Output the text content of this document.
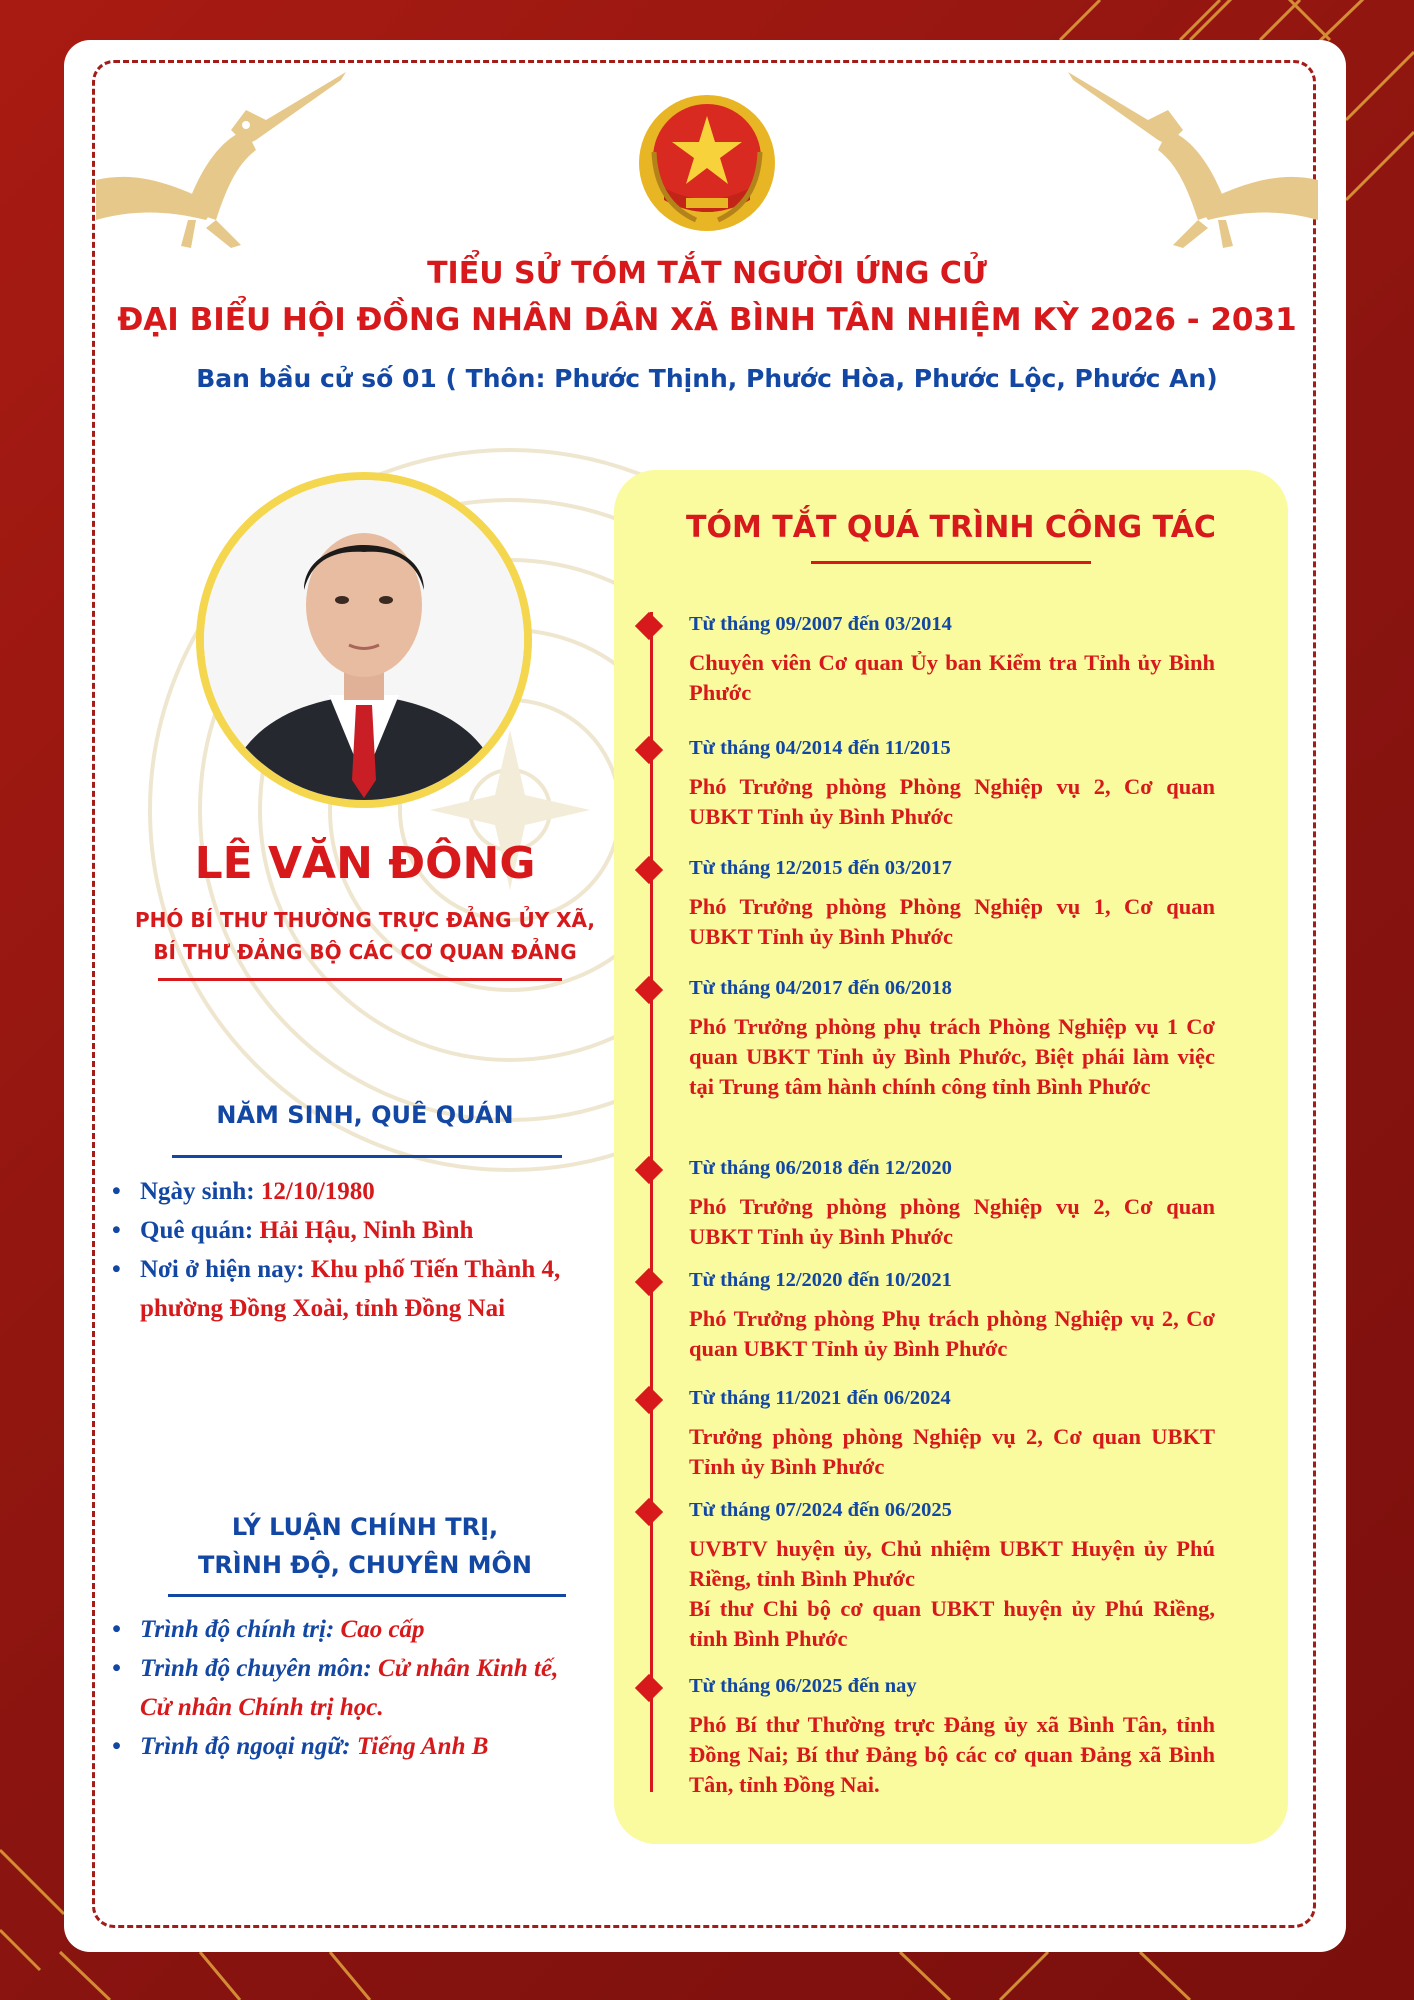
TIỂU SỬ TÓM TẮT NGƯỜI ỨNG CỬ
ĐẠI BIỂU HỘI ĐỒNG NHÂN DÂN XÃ BÌNH TÂN NHIỆM KỲ 2026 - 2031
Ban bầu cử số 01 ( Thôn: Phước Thịnh, Phước Hòa, Phước Lộc, Phước An)
LÊ VĂN ĐÔNG
PHÓ BÍ THƯ THƯỜNG TRỰC ĐẢNG ỦY XÃ,
BÍ THƯ ĐẢNG BỘ CÁC CƠ QUAN ĐẢNG
NĂM SINH, QUÊ QUÁN
• Ngày sinh: 12/10/1980
• Quê quán: Hải Hậu, Ninh Bình
• Nơi ở hiện nay: Khu phố Tiến Thành 4, phường Đồng Xoài, tỉnh Đồng Nai
LÝ LUẬN CHÍNH TRỊ,
TRÌNH ĐỘ, CHUYÊN MÔN
• Trình độ chính trị: Cao cấp
• Trình độ chuyên môn: Cử nhân Kinh tế, Cử nhân Chính trị học.
• Trình độ ngoại ngữ: Tiếng Anh B
TÓM TẮT QUÁ TRÌNH CÔNG TÁC
Từ tháng 09/2007 đến 03/2014
Chuyên viên Cơ quan Ủy ban Kiểm tra Tỉnh ủy Bình Phước
Từ tháng 04/2014 đến 11/2015
Phó Trưởng phòng Phòng Nghiệp vụ 2, Cơ quan UBKT Tỉnh ủy Bình Phước
Từ tháng 12/2015 đến 03/2017
Phó Trưởng phòng Phòng Nghiệp vụ 1, Cơ quan UBKT Tỉnh ủy Bình Phước
Từ tháng 04/2017 đến 06/2018
Phó Trưởng phòng phụ trách Phòng Nghiệp vụ 1 Cơ quan UBKT Tỉnh ủy Bình Phước, Biệt phái làm việc tại Trung tâm hành chính công tỉnh Bình Phước
Từ tháng 06/2018 đến 12/2020
Phó Trưởng phòng phòng Nghiệp vụ 2, Cơ quan UBKT Tỉnh ủy Bình Phước
Từ tháng 12/2020 đến 10/2021
Phó Trưởng phòng Phụ trách phòng Nghiệp vụ 2, Cơ quan UBKT Tỉnh ủy Bình Phước
Từ tháng 11/2021 đến 06/2024
Trưởng phòng phòng Nghiệp vụ 2, Cơ quan UBKT Tỉnh ủy Bình Phước
Từ tháng 07/2024 đến 06/2025
UVBTV huyện ủy, Chủ nhiệm UBKT Huyện ủy Phú Riềng, tỉnh Bình Phước
Bí thư Chi bộ cơ quan UBKT huyện ủy Phú Riềng, tỉnh Bình Phước
Từ tháng 06/2025 đến nay
Phó Bí thư Thường trực Đảng ủy xã Bình Tân, tỉnh Đồng Nai; Bí thư Đảng bộ các cơ quan Đảng xã Bình Tân, tỉnh Đồng Nai.
